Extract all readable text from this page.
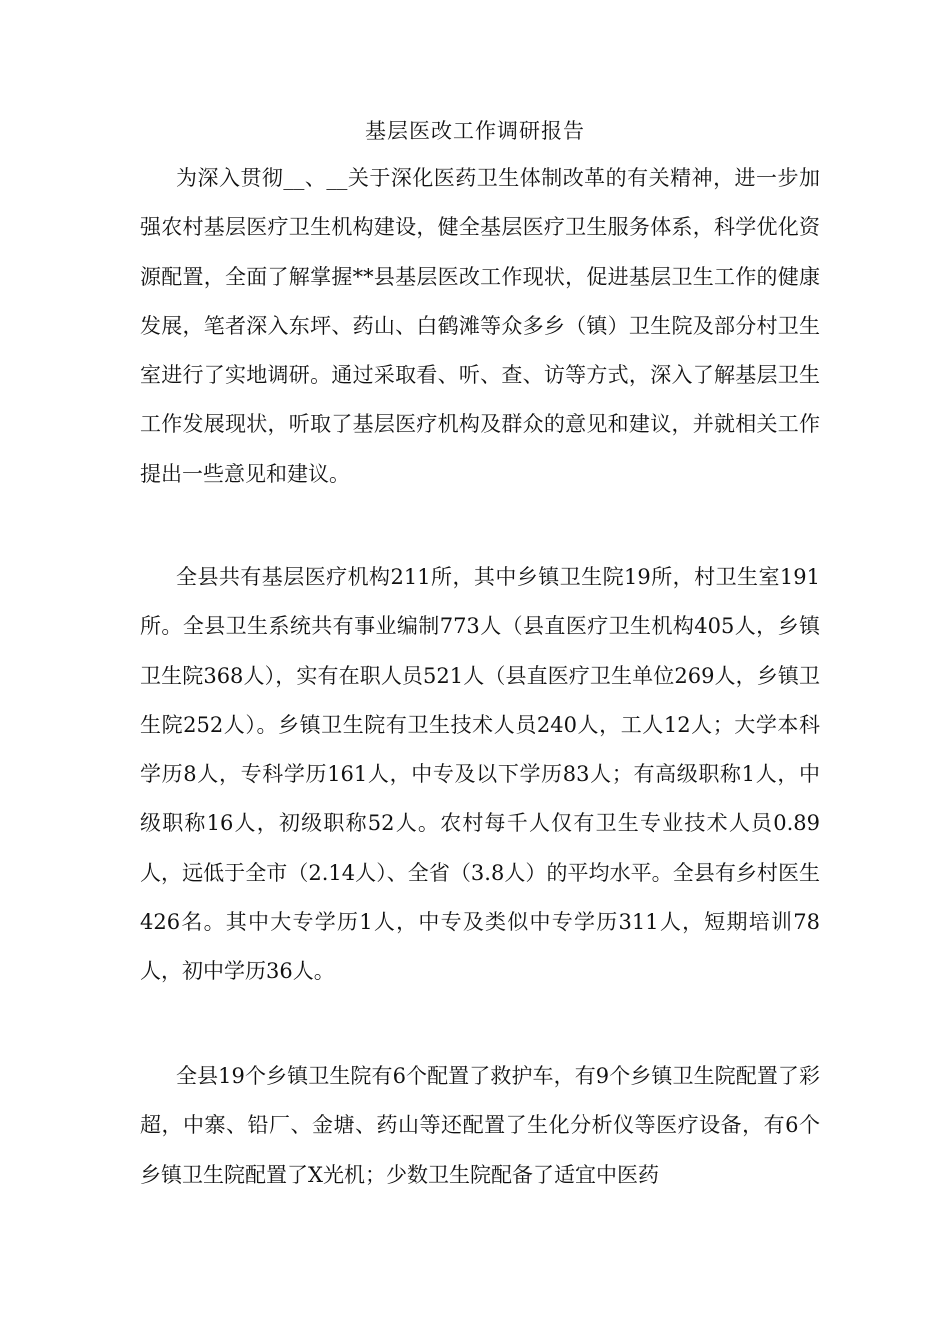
基层医改工作调研报告

为深入贯彻__、__关于深化医药卫生体制改革的有关精神，进一步加强农村基层医疗卫生机构建设，健全基层医疗卫生服务体系，科学优化资源配置，全面了解掌握**县基层医改工作现状，促进基层卫生工作的健康发展，笔者深入东坪、药山、白鹤滩等众多乡（镇）卫生院及部分村卫生室进行了实地调研。通过采取看、听、查、访等方式，深入了解基层卫生工作发展现状，听取了基层医疗机构及群众的意见和建议，并就相关工作提出一些意见和建议。

全县共有基层医疗机构211所，其中乡镇卫生院19所，村卫生室191所。全县卫生系统共有事业编制773人（县直医疗卫生机构405人，乡镇卫生院368人），实有在职人员521人（县直医疗卫生单位269人，乡镇卫生院252人）。乡镇卫生院有卫生技术人员240人，工人12人；大学本科学历8人，专科学历161人，中专及以下学历83人；有高级职称1人，中级职称16人，初级职称52人。农村每千人仅有卫生专业技术人员0.89人，远低于全市（2.14人）、全省（3.8人）的平均水平。全县有乡村医生426名。其中大专学历1人，中专及类似中专学历311人，短期培训78人，初中学历36人。

全县19个乡镇卫生院有6个配置了救护车，有9个乡镇卫生院配置了彩超，中寨、铅厂、金塘、药山等还配置了生化分析仪等医疗设备，有6个乡镇卫生院配置了X光机；少数卫生院配备了适宜中医药
